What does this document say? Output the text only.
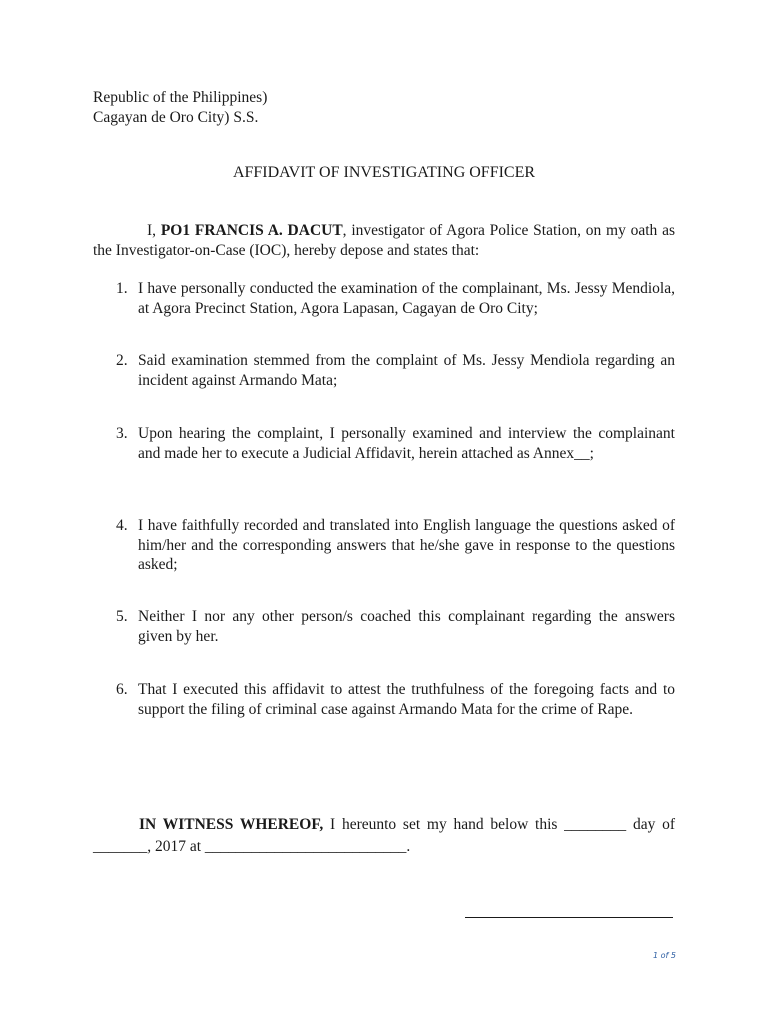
Republic of the Philippines)
Cagayan de Oro City) S.S.
AFFIDAVIT OF INVESTIGATING OFFICER
I, PO1 FRANCIS A. DACUT, investigator of Agora Police Station, on my oath as the Investigator-on-Case (IOC), hereby depose and states that:
1. I have personally conducted the examination of the complainant, Ms. Jessy Mendiola, at Agora Precinct Station, Agora Lapasan, Cagayan de Oro City;
2. Said examination stemmed from the complaint of Ms. Jessy Mendiola regarding an incident against Armando Mata;
3. Upon hearing the complaint, I personally examined and interview the complainant and made her to execute a Judicial Affidavit, herein attached as Annex__;
4. I have faithfully recorded and translated into English language the questions asked of him/her and the corresponding answers that he/she gave in response to the questions asked;
5. Neither I nor any other person/s coached this complainant regarding the answers given by her.
6. That I executed this affidavit to attest the truthfulness of the foregoing facts and to support the filing of criminal case against Armando Mata for the crime of Rape.
IN WITNESS WHEREOF, I hereunto set my hand below this ________ day of _______, 2017 at __________________________.
1 of 5
